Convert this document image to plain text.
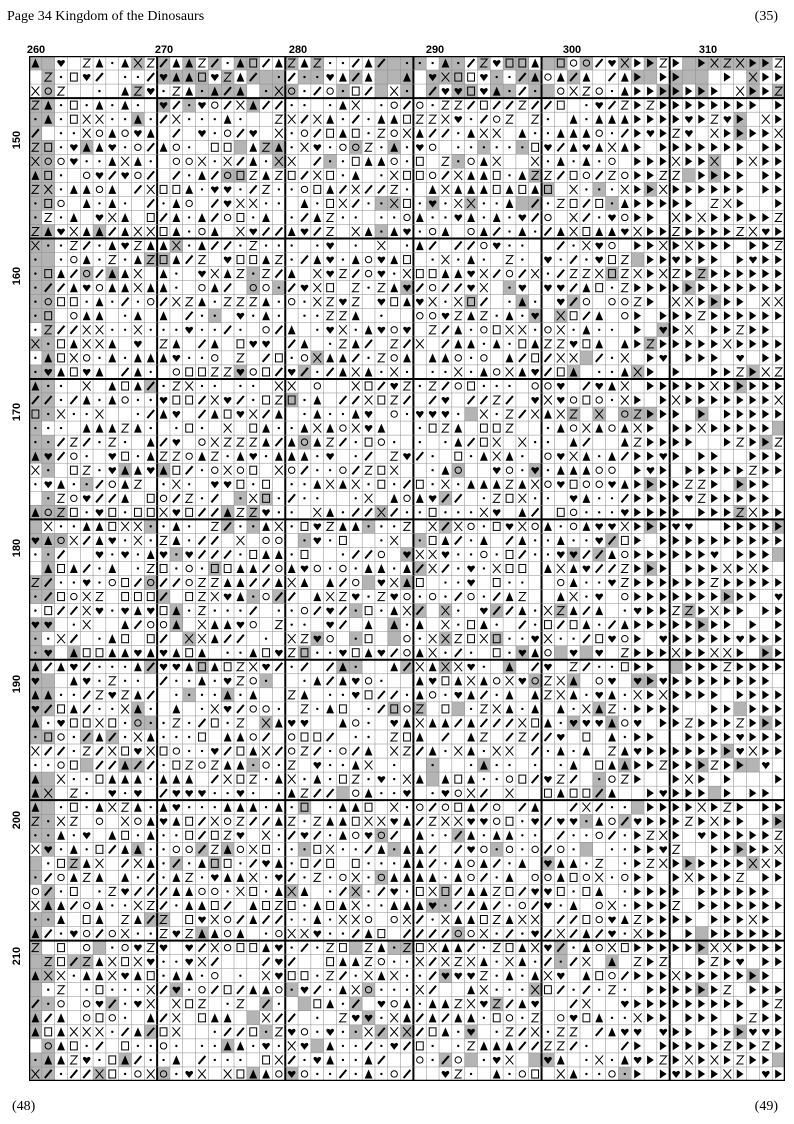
Page 34 Kingdom of the Dinosaurs	(35)
260	270	280	290	300	310
150
160
170
180
190
200
210
(48)	(49)
